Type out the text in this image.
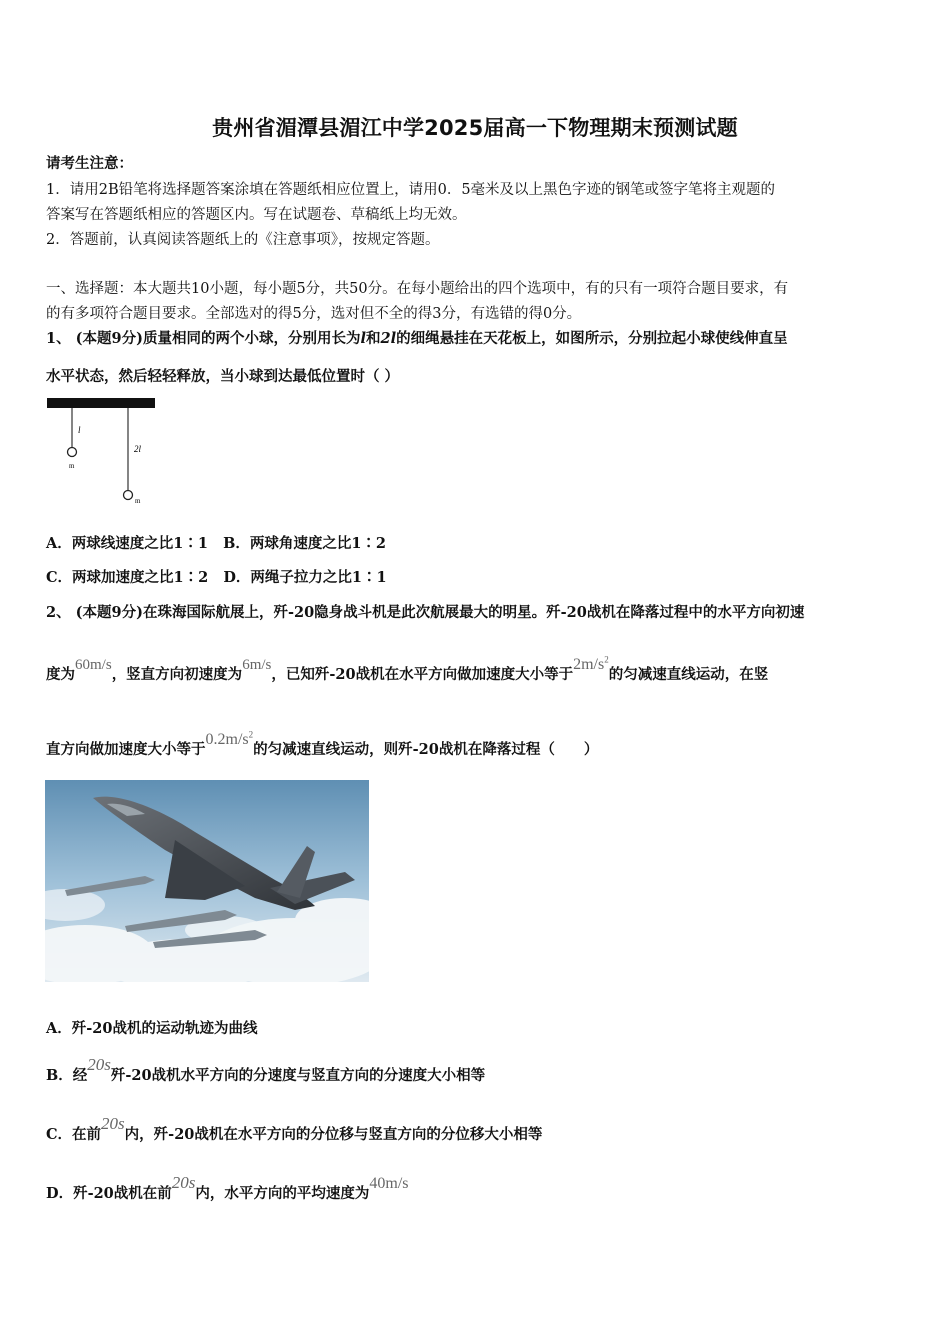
贵州省湄潭县湄江中学2025届高一下物理期末预测试题
请考生注意：
1．请用2B铅笔将选择题答案涂填在答题纸相应位置上，请用0．5毫米及以上黑色字迹的钢笔或签字笔将主观题的
答案写在答题纸相应的答题区内。写在试题卷、草稿纸上均无效。
2．答题前，认真阅读答题纸上的《注意事项》，按规定答题。
一、选择题：本大题共10小题，每小题5分，共50分。在每小题给出的四个选项中，有的只有一项符合题目要求，有
的有多项符合题目要求。全部选对的得5分，选对但不全的得3分，有选错的得0分。
1、 (本题9分)质量相同的两个小球，分别用长为l和2l的细绳悬挂在天花板上，如图所示，分别拉起小球使线伸直呈
水平状态，然后轻轻释放，当小球到达最低位置时（ ）
l
2l
m
m
A．两球线速度之比1∶1   B．两球角速度之比1∶2
C．两球加速度之比1∶2   D．两绳子拉力之比1∶1
2、 (本题9分)在珠海国际航展上，歼-20隐身战斗机是此次航展最大的明星。歼-20战机在降落过程中的水平方向初速
度为60m/s，竖直方向初速度为6m/s，已知歼-20战机在水平方向做加速度大小等于$2m/s^2$的匀减速直线运动，在竖
直方向做加速度大小等于$0.2m/s^2$的匀减速直线运动，则歼-20战机在降落过程（　　）
A．歼-20战机的运动轨迹为曲线
B．经20s歼-20战机水平方向的分速度与竖直方向的分速度大小相等
C．在前20s内，歼-20战机在水平方向的分位移与竖直方向的分位移大小相等
D．歼-20战机在前20s内，水平方向的平均速度为40m/s
